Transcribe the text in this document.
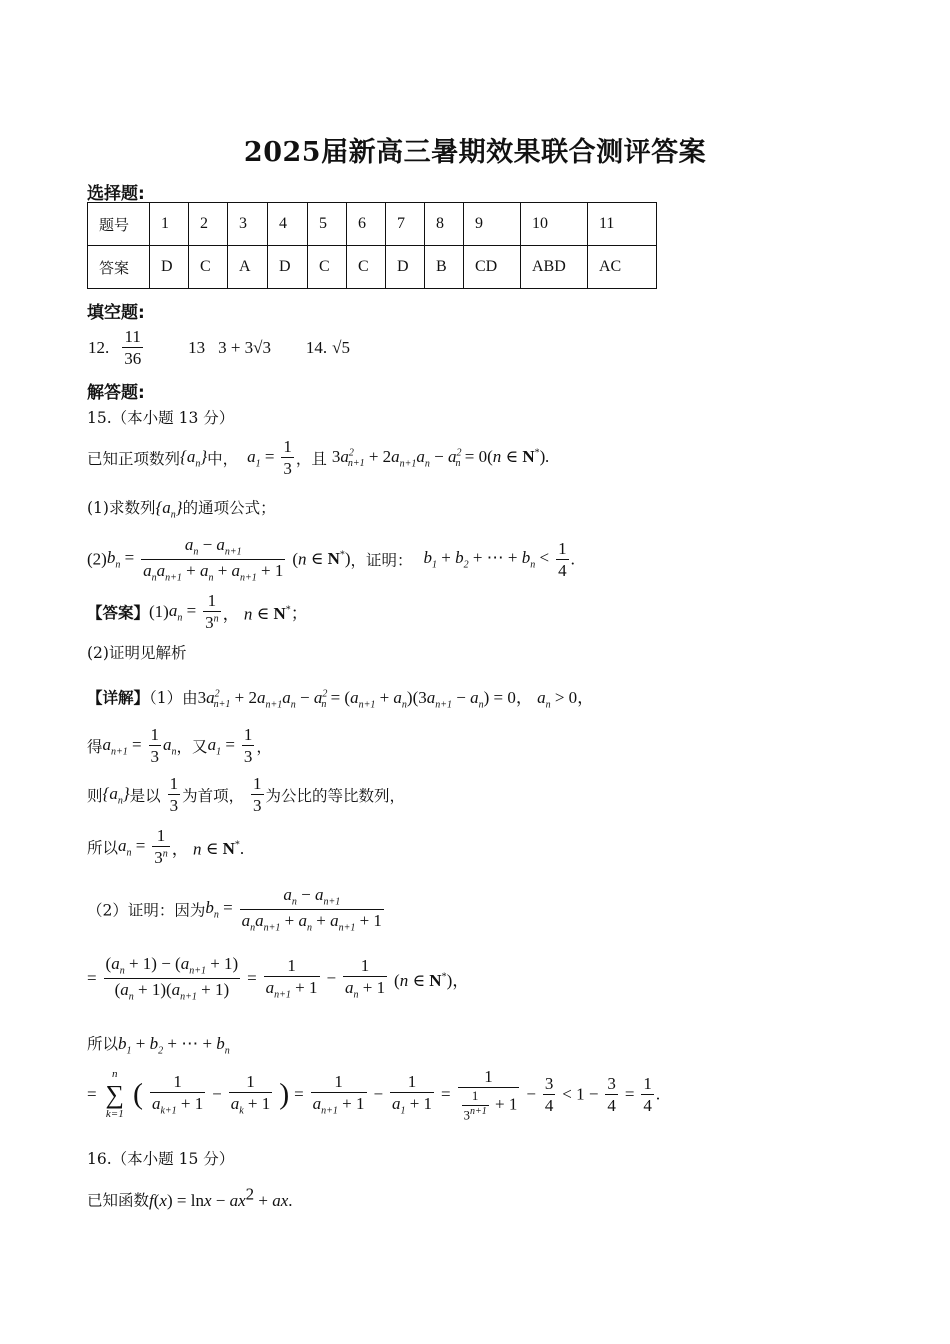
2025届新高三暑期效果联合测评答案
选择题:
题号	1	2	3	4	5	6	7	8	9	10	11
答案	D	C	A	D	C	C	D	B	CD	ABD	AC
填空题:
12. $\frac{11}{36}$	13 3 + 3√3 14. √5
解答题:
15.（本小题 13 分）
已知正项数列$\{a_n\}$中， $a_1 = \frac{1}{3}$ ，且 $3a^2_{n+1} + 2a_{n+1}a_n - a^2_n = 0(n$ ∈ N*).
(1)求数列$\{a_n\}$的通项公式；
$(2)b_n = \frac{a_n - a_{n+1}}{a_na_{n+1} + a_n + a_{n+1} + 1} (n$ ∈ N*)，证明： $b_1 + b_2$ + ⋯ + $b_n < \frac{1}{4}$ .
【答案】$(1)a_n = \frac{1}{3^n}$ ， n ∈ N*；
(2)证明见解析
【详解】（1）由$3a^2_{n+1} + 2a_{n+1}a_n - a^2_n = (a_{n+1} + a_n)(3a_{n+1} - a_n) = 0$， $a_n > 0$，
得$a_{n+1} = \frac{1}{3} a_n$，又$a_1 = \frac{1}{3}$ ，
则$\{a_n\}$是以 $\frac{1}{3}$ 为首项， $\frac{1}{3}$ 为公比的等比数列，
所以$a_n = \frac{1}{3^n}$ ， n ∈ N*.
（2）证明：因为$b_n = \frac{a_n - a_{n+1}}{a_na_{n+1} + a_n + a_{n+1} + 1}$
= $\frac{(a_n + 1) - (a_{n+1} + 1)}{(a_n + 1)(a_{n+1} + 1)} = \frac{1}{a_{n+1} + 1} - \frac{1}{a_n + 1} (n$ ∈ N*)，
所以$b_1 + b_2$ + ⋯ + $b_n$
=
n
∑
k=1
( $\frac{1}{a_{k+1} + 1} - \frac{1}{a_k + 1}$ ) = $\frac{1}{a_{n+1} + 1} - \frac{1}{a_1 + 1} = \frac{1}{\frac{1}{3^{n+1}} + 1} - \frac{3}{4} < 1 - \frac{3}{4} = \frac{1}{4}$ .
16.（本小题 15 分）
已知函数$f(x) = \ln x - ax^2$ + ax.
